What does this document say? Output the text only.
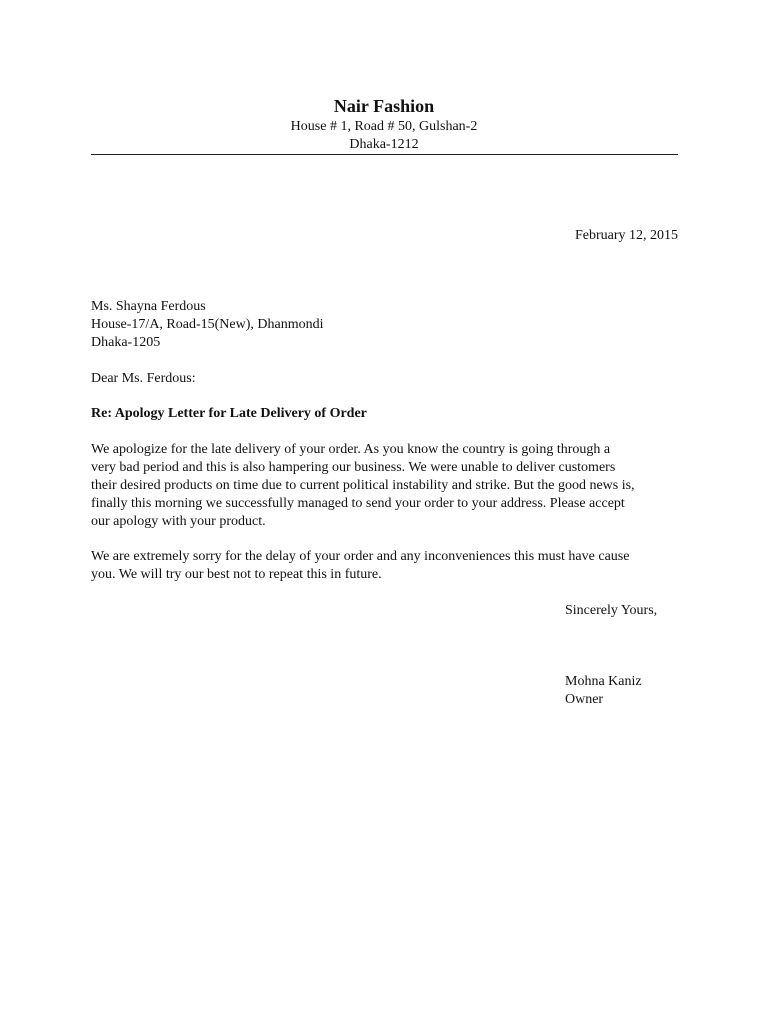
Nair Fashion
House # 1, Road # 50, Gulshan-2
Dhaka-1212
February 12, 2015
Ms. Shayna Ferdous
House-17/A, Road-15(New), Dhanmondi
Dhaka-1205
Dear Ms. Ferdous:
Re: Apology Letter for Late Delivery of Order
We apologize for the late delivery of your order. As you know the country is going through a
very bad period and this is also hampering our business. We were unable to deliver customers
their desired products on time due to current political instability and strike. But the good news is,
finally this morning we successfully managed to send your order to your address. Please accept
our apology with your product.
We are extremely sorry for the delay of your order and any inconveniences this must have cause
you. We will try our best not to repeat this in future.
Sincerely Yours,
Mohna Kaniz
Owner
